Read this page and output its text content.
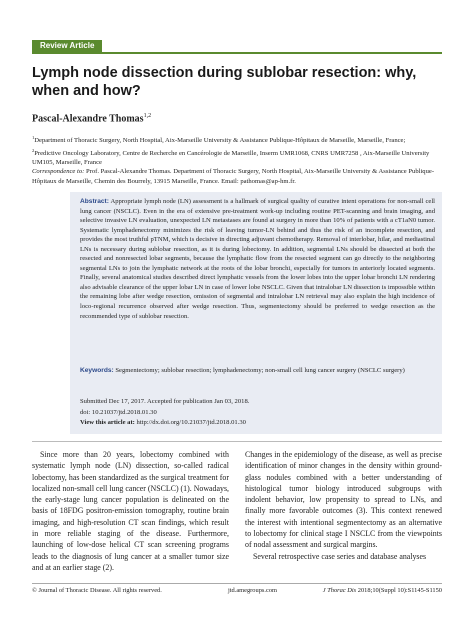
Review Article
Lymph node dissection during sublobar resection: why, when and how?
Pascal-Alexandre Thomas$^{1,2}$

$^1$Department of Thoracic Surgery, North Hospital, Aix-Marseille University & Assistance Publique-Hôpitaux de Marseille, Marseille, France;

$^2$Predictive Oncology Laboratory, Centre de Recherche en Cancérologie de Marseille, Inserm UMR1068, CNRS UMR7258 , Aix-Marseille University UM105, Marseille, France

Correspondence to: Prof. Pascal-Alexandre Thomas. Department of Thoracic Surgery, North Hospital, Aix-Marseille University & Assistance Publique-Hôpitaux de Marseille, Chemin des Bourrely, 13915 Marseille, France. Email: pathomas@ap-hm.fr.
Abstract: Appropriate lymph node (LN) assessment is a hallmark of surgical quality of curative intent operations for non-small cell lung cancer (NSCLC). Even in the era of extensive pre-treatment work-up including routine PET-scanning and brain imaging, and selective invasive LN evaluation, unexpected LN metastases are found at surgery in more than 10% of patients with a cT1aN0 tumor. Systematic lymphadenectomy minimizes the risk of leaving tumor-LN behind and thus the risk of an incomplete resection, and provides the most truthful pTNM, which is decisive in directing adjuvant chemotherapy. Removal of interlobar, hilar, and mediastinal LNs is necessary during sublobar resection, as it is during lobectomy. In addition, segmental LNs should be dissected at both the resected and nonresected lobar segments, because the lymphatic flow from the resected segment can go directly to the neighboring segmental LNs to join the lymphatic network at the roots of the lobar bronchi, especially for tumors in anteriorly located segments. Finally, several anatomical studies described direct lymphatic vessels from the lower lobes into the upper lobar bronchi LN rendering also advisable clearance of the upper lobar LN in case of lower lobe NSCLC. Given that intralobar LN dissection is impossible within the remaining lobe after wedge resection, omission of segmental and intralobar LN retrieval may also explain the high incidence of loco-regional recurrence observed after wedge resection. Thus, segmentectomy should be preferred to wedge resection as the recommended type of sublobar resection.
Keywords: Segmentectomy; sublobar resection; lymphadenectomy; non-small cell lung cancer surgery (NSCLC surgery)

Submitted Dec 17, 2017. Accepted for publication Jan 03, 2018.

doi: 10.21037/jtd.2018.01.30

View this article at: http://dx.doi.org/10.21037/jtd.2018.01.30

Since more than 20 years, lobectomy combined with systematic lymph node (LN) dissection, so-called radical lobectomy, has been standardized as the surgical treatment for localized non-small cell lung cancer (NSCLC) (1). Nowadays, the early-stage lung cancer population is delineated on the basis of 18FDG positron-emission tomography, routine brain imaging, and high-resolution CT scan findings, which result in more reliable staging of the disease. Furthermore, launching of low-dose helical CT scan screening programs leads to the diagnosis of lung cancer at a smaller tumor size and at an earlier stage (2).

Changes in the epidemiology of the disease, as well as precise identification of minor changes in the density within ground-glass nodules combined with a better understanding of histological tumor biology introduced subgroups with indolent behavior, low propensity to spread to LNs, and finally more favorable outcomes (3). This context renewed the interest with intentional segmentectomy as an alternative to lobectomy for clinical stage I NSCLC from the viewpoints of nodal assessment and surgical margins.

Several retrospective case series and database analyses

© Journal of Thoracic Disease. All rights reserved.	jtd.amegroups.com	J Thorac Dis 2018;10(Suppl 10):S1145-S1150
